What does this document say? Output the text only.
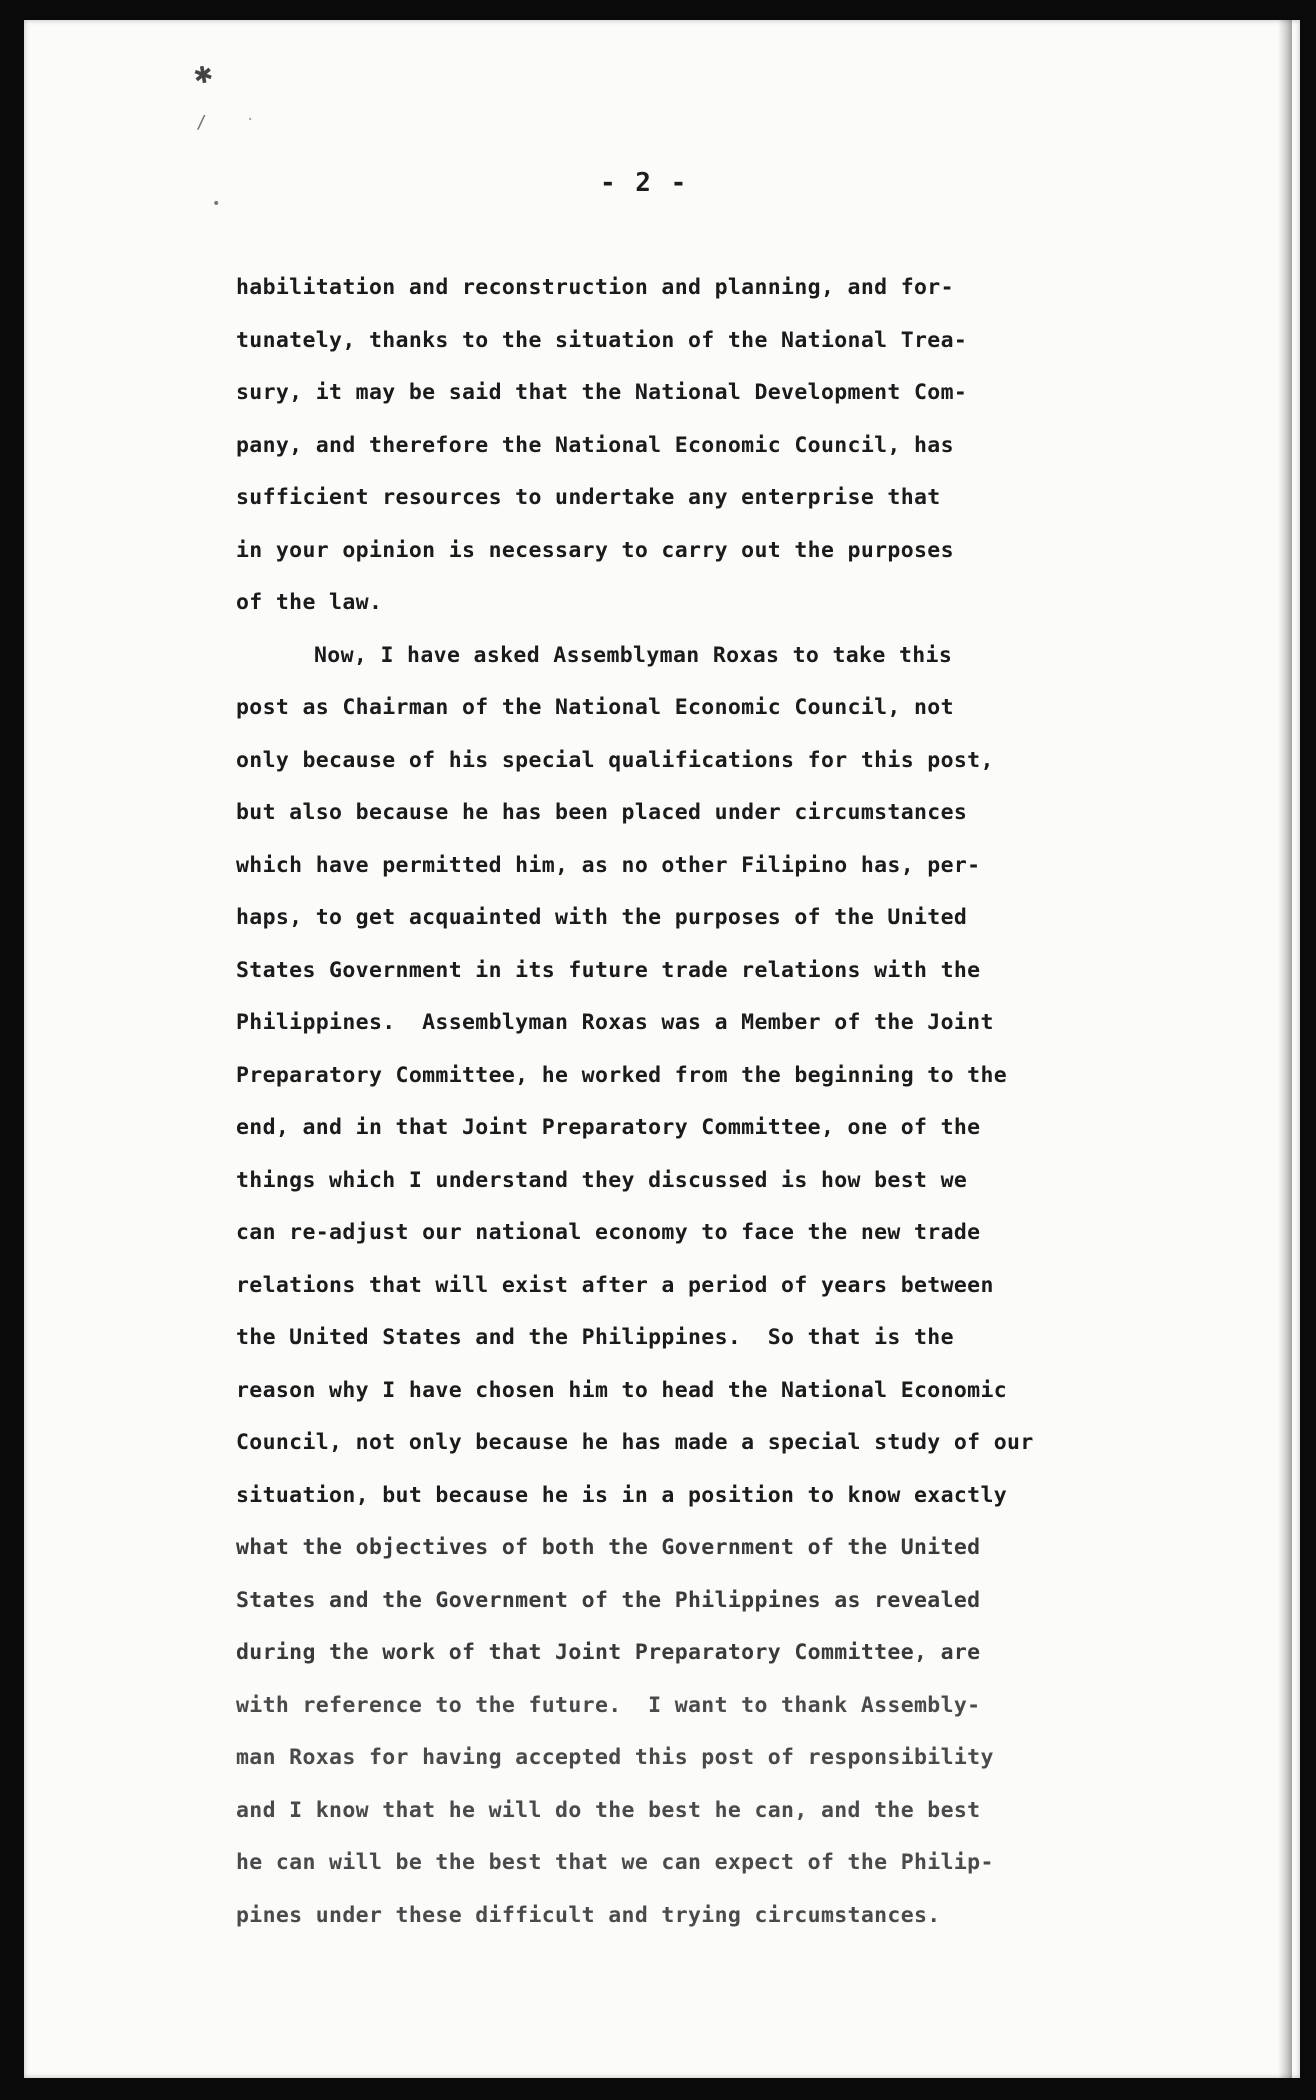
✱
/	·
•
- 2 -
habilitation and reconstruction and planning, and for-
tunately, thanks to the situation of the National Trea-
sury, it may be said that the National Development Com-
pany, and therefore the National Economic Council, has
sufficient resources to undertake any enterprise that
in your opinion is necessary to carry out the purposes
of the law.
Now, I have asked Assemblyman Roxas to take this
post as Chairman of the National Economic Council, not
only because of his special qualifications for this post,
but also because he has been placed under circumstances
which have permitted him, as no other Filipino has, per-
haps, to get acquainted with the purposes of the United
States Government in its future trade relations with the
Philippines.  Assemblyman Roxas was a Member of the Joint
Preparatory Committee, he worked from the beginning to the
end, and in that Joint Preparatory Committee, one of the
things which I understand they discussed is how best we
can re-adjust our national economy to face the new trade
relations that will exist after a period of years between
the United States and the Philippines.  So that is the
reason why I have chosen him to head the National Economic
Council, not only because he has made a special study of our
situation, but because he is in a position to know exactly
what the objectives of both the Government of the United
States and the Government of the Philippines as revealed
during the work of that Joint Preparatory Committee, are
with reference to the future.  I want to thank Assembly-
man Roxas for having accepted this post of responsibility
and I know that he will do the best he can, and the best
he can will be the best that we can expect of the Philip-
pines under these difficult and trying circumstances.
